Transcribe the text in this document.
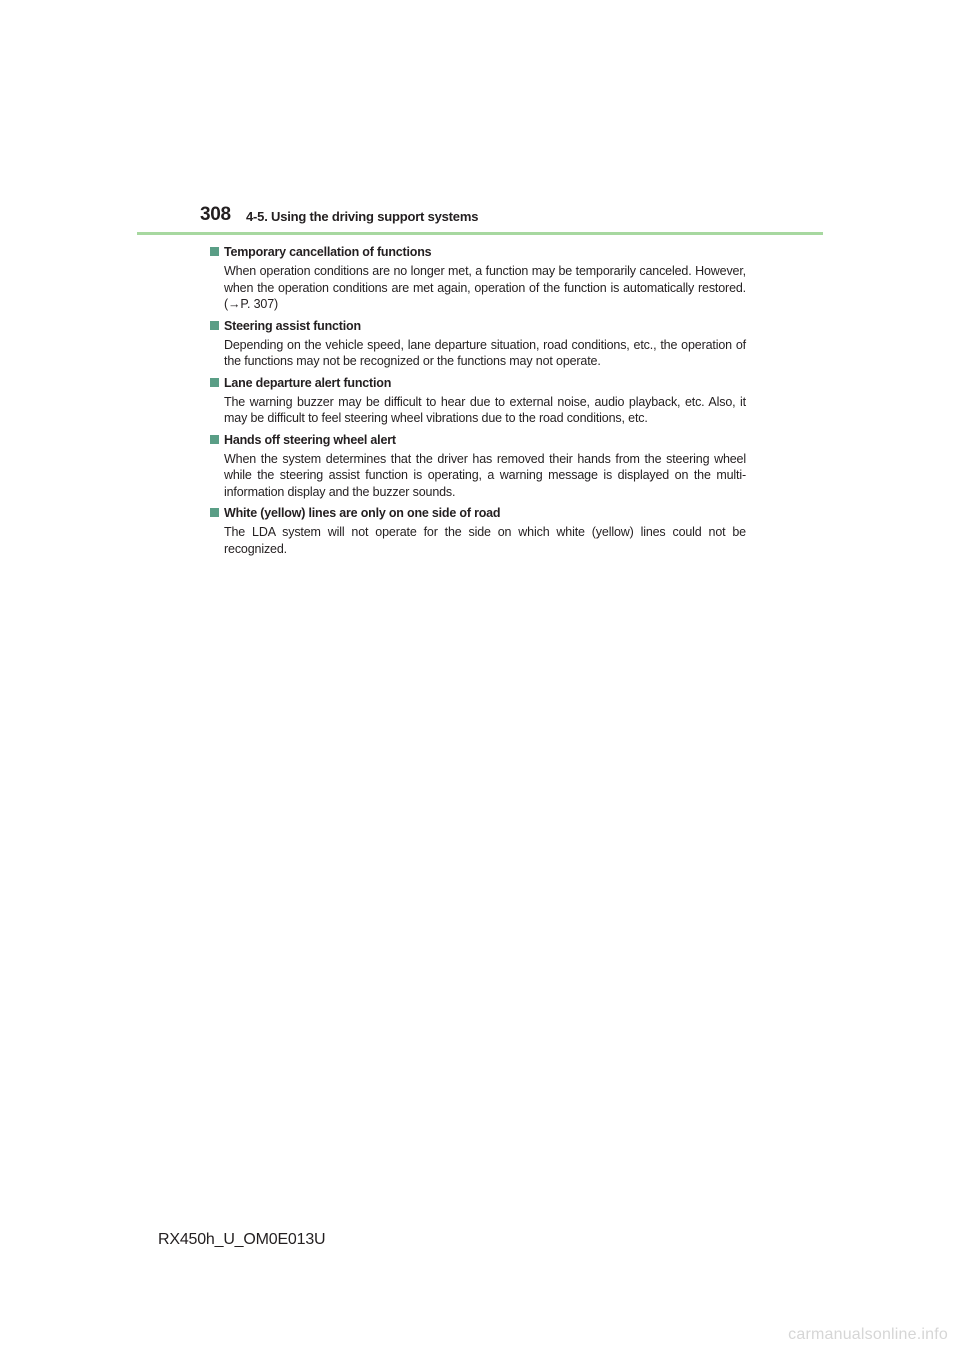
308 4-5. Using the driving support systems
Temporary cancellation of functions
When operation conditions are no longer met, a function may be temporarily canceled. However, when the operation conditions are met again, operation of the function is automatically restored. (→P. 307)
Steering assist function
Depending on the vehicle speed, lane departure situation, road conditions, etc., the operation of the functions may not be recognized or the functions may not operate.
Lane departure alert function
The warning buzzer may be difficult to hear due to external noise, audio playback, etc. Also, it may be difficult to feel steering wheel vibrations due to the road conditions, etc.
Hands off steering wheel alert
When the system determines that the driver has removed their hands from the steering wheel while the steering assist function is operating, a warning message is displayed on the multi-information display and the buzzer sounds.
White (yellow) lines are only on one side of road
The LDA system will not operate for the side on which white (yellow) lines could not be recognized.
RX450h_U_OM0E013U
carmanualsonline.info
